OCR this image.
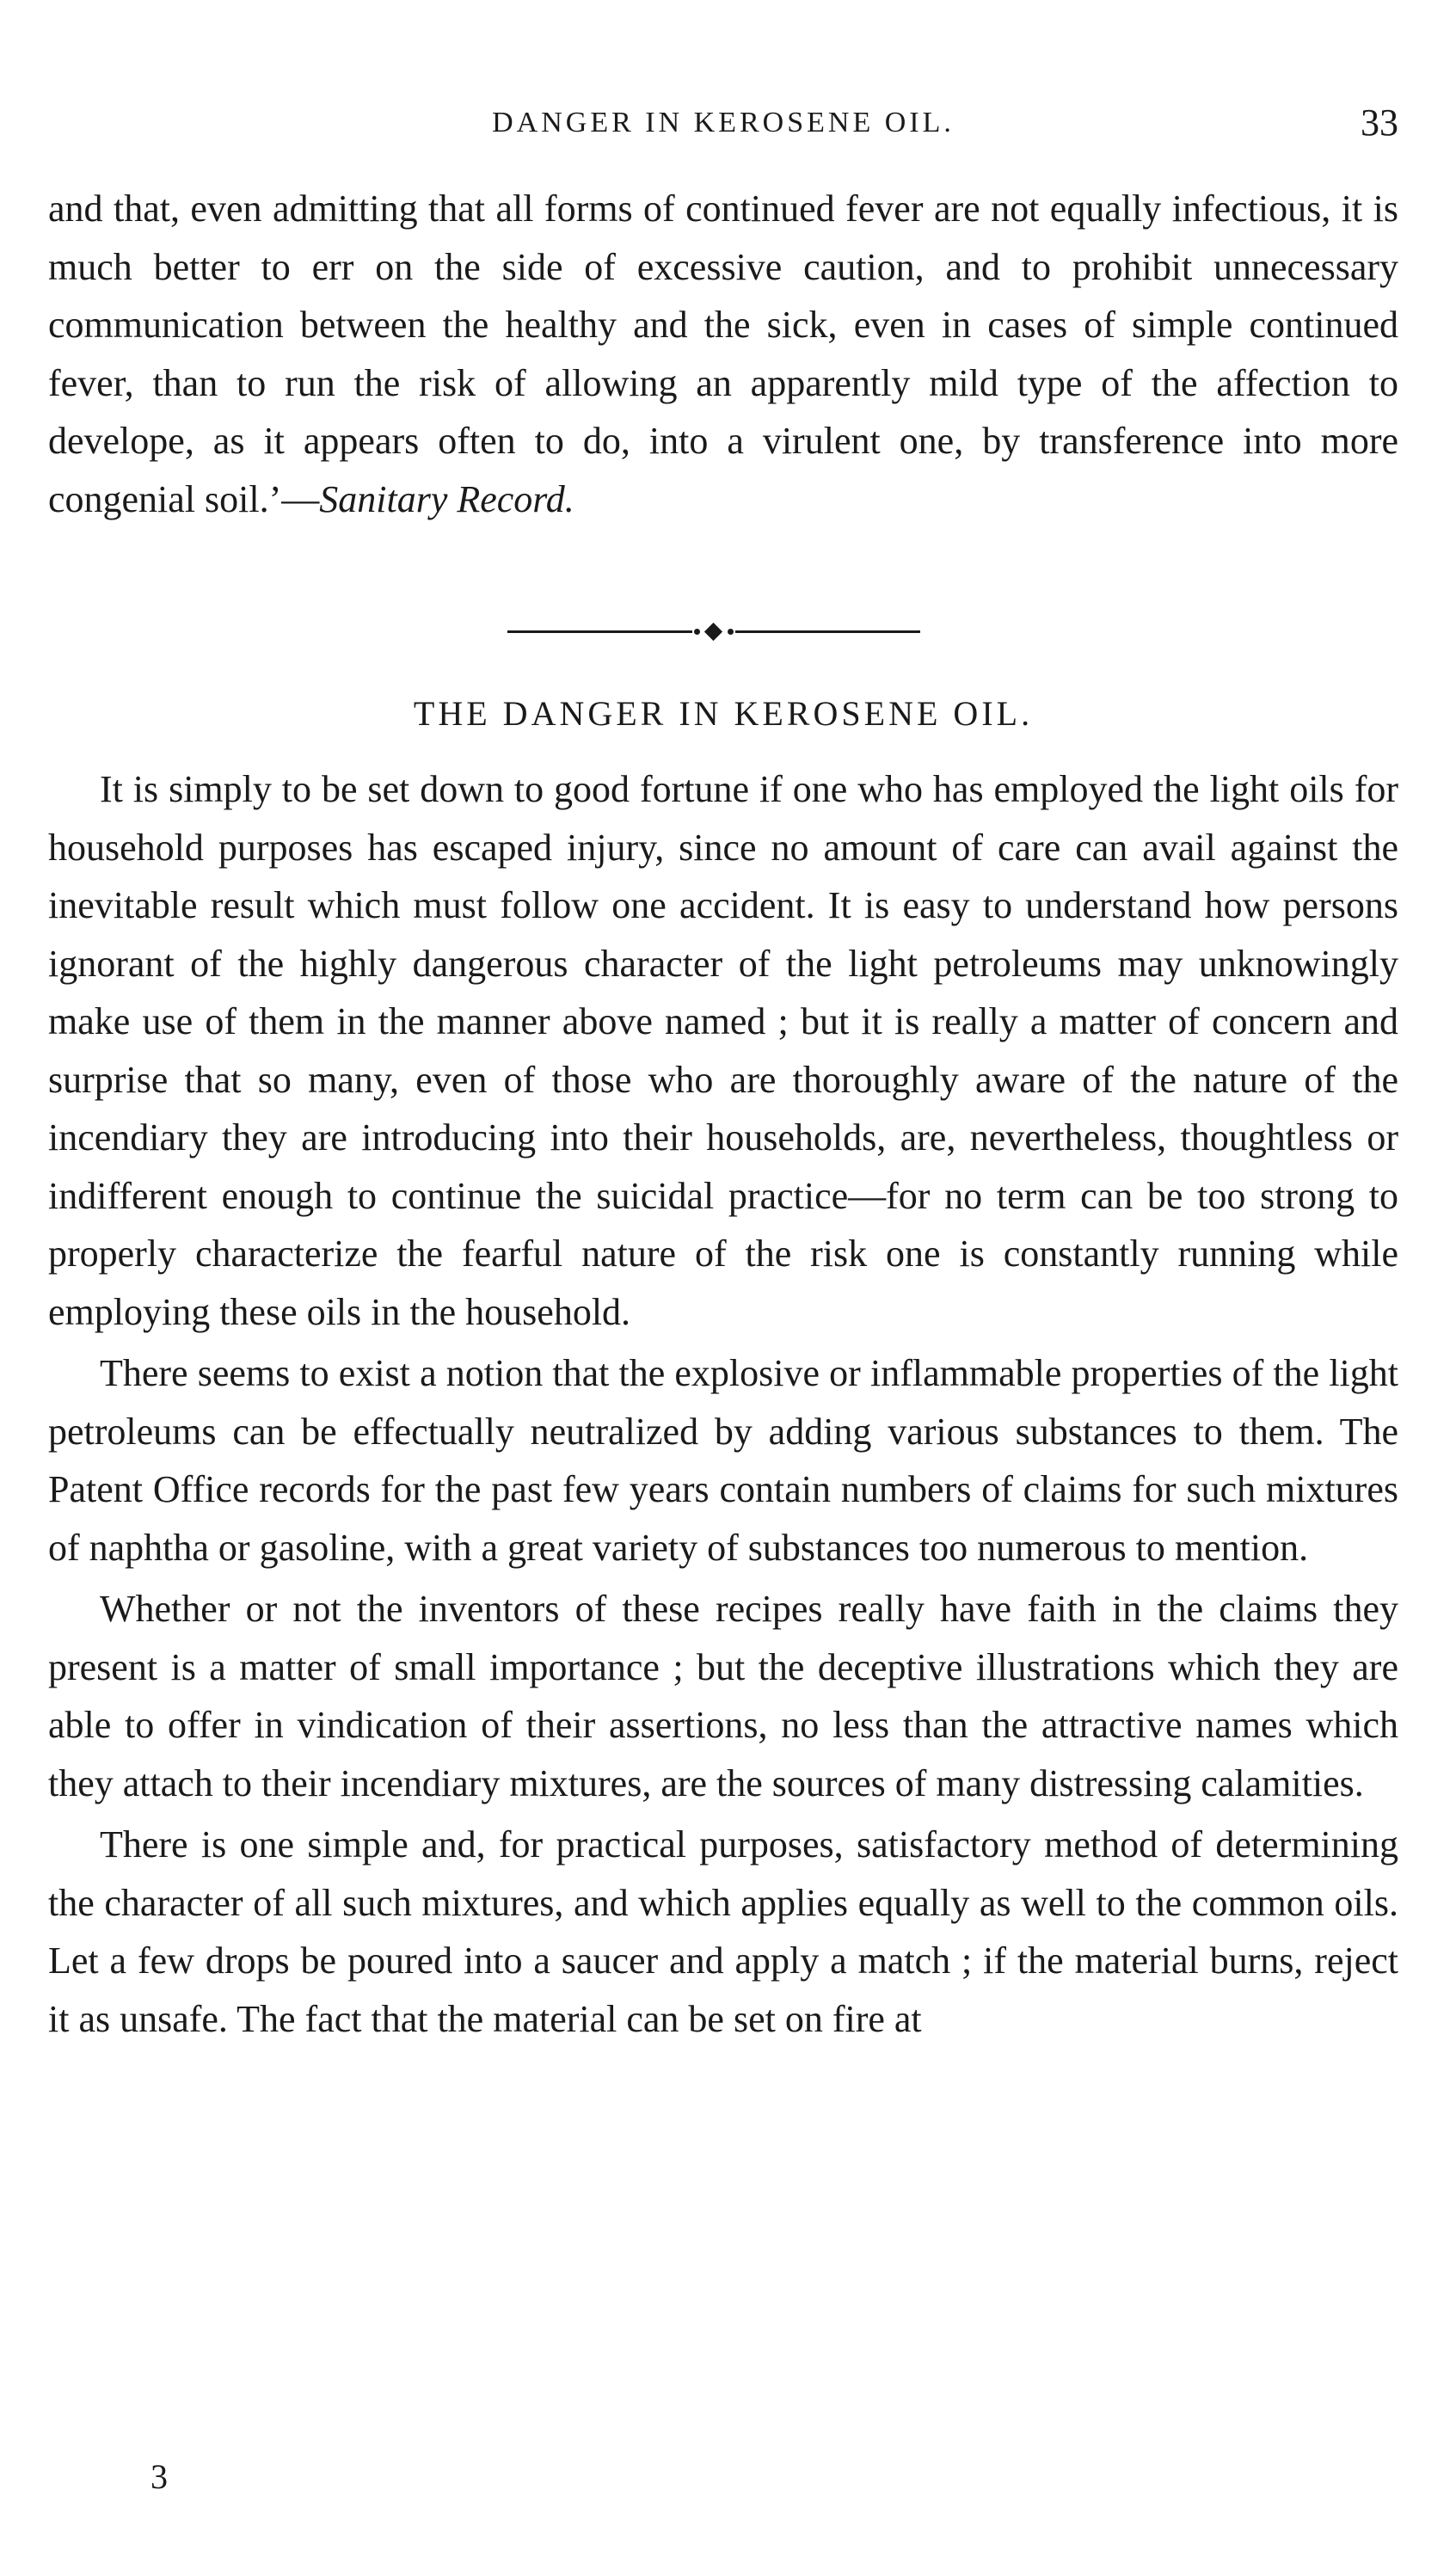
DANGER IN KEROSENE OIL.	33

and that, even admitting that all forms of continued fever are not equally infectious, it is much better to err on the side of excessive caution, and to prohibit unnecessary communication between the healthy and the sick, even in cases of simple continued fever, than to run the risk of allowing an apparently mild type of the affection to develope, as it appears often to do, into a virulent one, by transference into more congenial soil.’—Sanitary Record.

THE DANGER IN KEROSENE OIL.

It is simply to be set down to good fortune if one who has employed the light oils for household purposes has escaped injury, since no amount of care can avail against the inevitable result which must follow one accident. It is easy to understand how persons ignorant of the highly dangerous character of the light petroleums may unknowingly make use of them in the manner above named ; but it is really a matter of concern and surprise that so many, even of those who are thoroughly aware of the nature of the incendiary they are introducing into their households, are, nevertheless, thoughtless or indifferent enough to continue the suicidal practice—for no term can be too strong to properly characterize the fearful nature of the risk one is constantly running while employing these oils in the household.

There seems to exist a notion that the explosive or inflammable properties of the light petroleums can be effectually neutralized by adding various substances to them. The Patent Office records for the past few years contain numbers of claims for such mixtures of naphtha or gasoline, with a great variety of substances too numerous to mention.

Whether or not the inventors of these recipes really have faith in the claims they present is a matter of small importance ; but the deceptive illustrations which they are able to offer in vindication of their assertions, no less than the attractive names which they attach to their incendiary mixtures, are the sources of many distressing calamities.

There is one simple and, for practical purposes, satisfactory method of determining the character of all such mixtures, and which applies equally as well to the common oils. Let a few drops be poured into a saucer and apply a match ; if the material burns, reject it as unsafe. The fact that the material can be set on fire at

3
